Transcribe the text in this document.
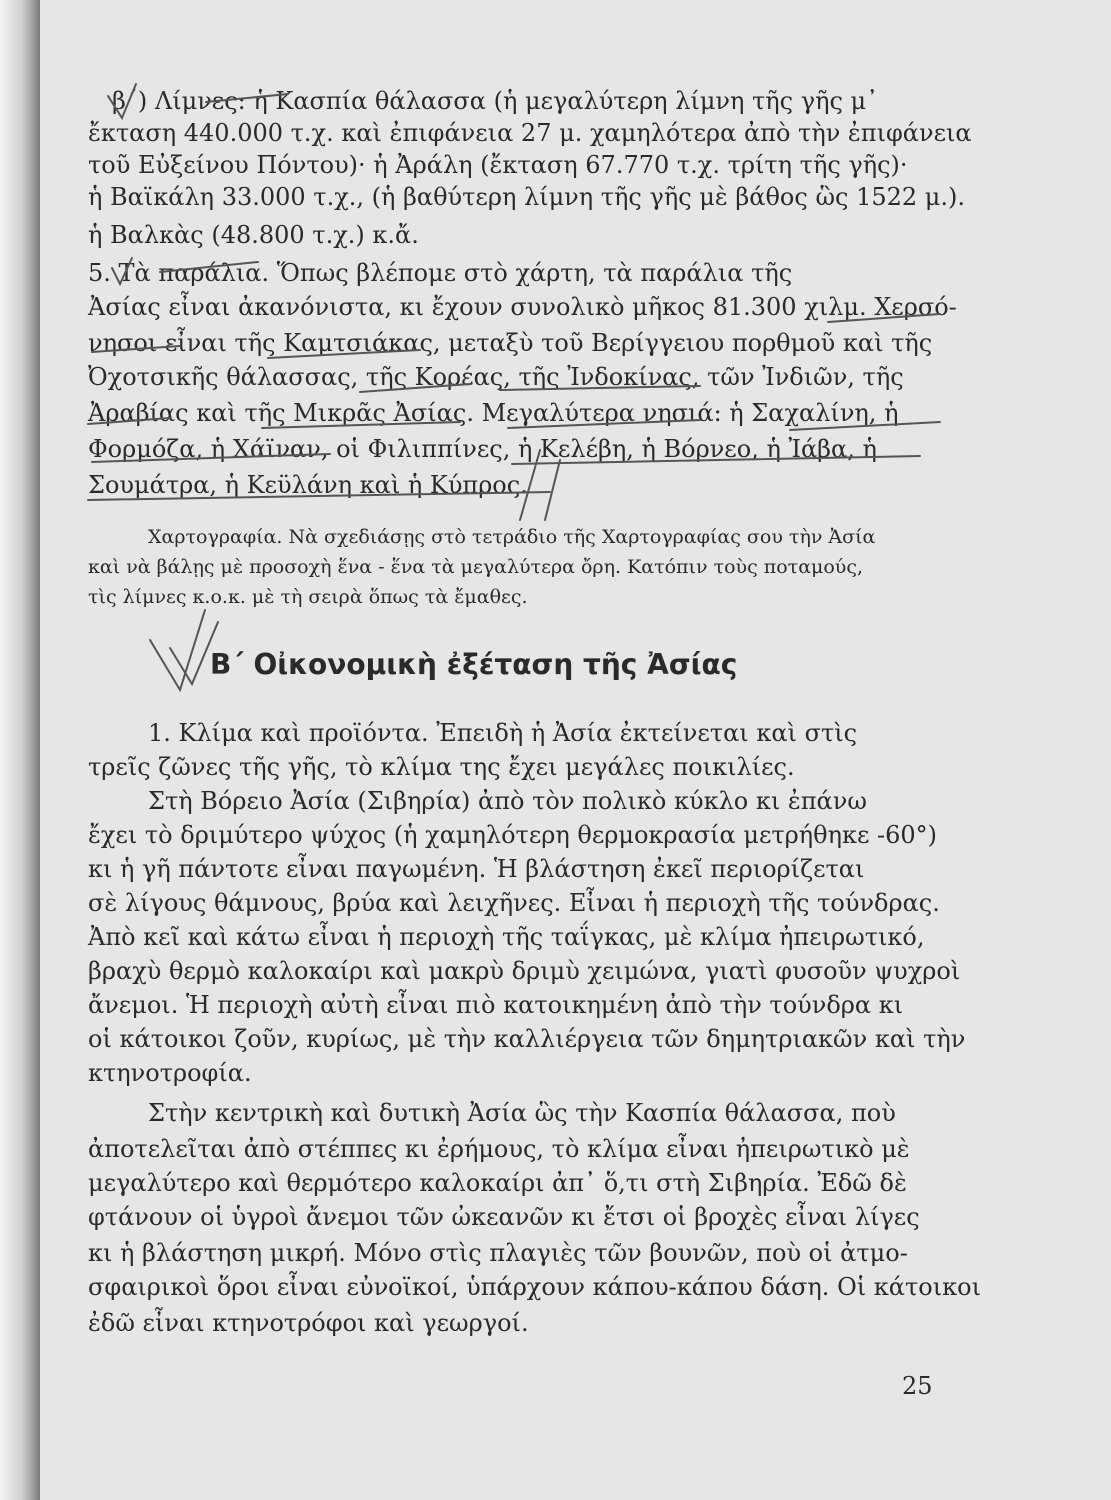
β΄) Λίμνες: ἡ Κασπία θάλασσα (ἡ μεγαλύτερη λίμνη τῆς γῆς μ᾽
ἔκταση 440.000 τ.χ. καὶ ἐπιφάνεια 27 μ. χαμηλότερα ἀπὸ τὴν ἐπιφάνεια
τοῦ Εὐξείνου Πόντου)· ἡ Ἀράλη (ἔκταση 67.770 τ.χ. τρίτη τῆς γῆς)·
ἡ Βαϊκάλη 33.000 τ.χ., (ἡ βαθύτερη λίμνη τῆς γῆς μὲ βάθος ὣς 1522 μ.).
ἡ Βαλκὰς (48.800 τ.χ.) κ.ἄ.
5. Τὰ παράλια. Ὅπως βλέπομε στὸ χάρτη, τὰ παράλια τῆς
Ἀσίας εἶναι ἀκανόνιστα, κι ἔχουν συνολικὸ μῆκος 81.300 χιλμ. Χερσό-
νησοι εἶναι τῆς Καμτσιάκας, μεταξὺ τοῦ Βερίγγειου πορθμοῦ καὶ τῆς
Ὀχοτσικῆς θάλασσας, τῆς Κορέας, τῆς Ἰνδοκίνας, τῶν Ἰνδιῶν, τῆς
Ἀραβίας καὶ τῆς Μικρᾶς Ἀσίας. Μεγαλύτερα νησιά: ἡ Σαχαλίνη, ἡ
Φορμόζα, ἡ Χάϊναν, οἱ Φιλιππίνες, ἡ Κελέβη, ἡ Βόρνεο, ἡ Ἰάβα, ἡ
Σουμάτρα, ἡ Κεϋλάνη καὶ ἡ Κύπρος.
Χαρτογραφία. Νὰ σχεδιάσῃς στὸ τετράδιο τῆς Χαρτογραφίας σου τὴν Ἀσία
καὶ νὰ βάλῃς μὲ προσοχὴ ἕνα - ἕνα τὰ μεγαλύτερα ὄρη. Κατόπιν τοὺς ποταμούς,
τὶς λίμνες κ.ο.κ. μὲ τὴ σειρὰ ὅπως τὰ ἔμαθες.
Β΄ Οἰκονομικὴ ἐξέταση τῆς Ἀσίας
1. Κλίμα καὶ προϊόντα. Ἐπειδὴ ἡ Ἀσία ἐκτείνεται καὶ στὶς
τρεῖς ζῶνες τῆς γῆς, τὸ κλίμα της ἔχει μεγάλες ποικιλίες.
Στὴ Βόρειο Ἀσία (Σιβηρία) ἀπὸ τὸν πολικὸ κύκλο κι ἐπάνω
ἔχει τὸ δριμύτερο ψύχος (ἡ χαμηλότερη θερμοκρασία μετρήθηκε -60°)
κι ἡ γῆ πάντοτε εἶναι παγωμένη. Ἡ βλάστηση ἐκεῖ περιορίζεται
σὲ λίγους θάμνους, βρύα καὶ λειχῆνες. Εἶναι ἡ περιοχὴ τῆς τούνδρας.
Ἀπὸ κεῖ καὶ κάτω εἶναι ἡ περιοχὴ τῆς ταΐγκας, μὲ κλίμα ἠπειρωτικό,
βραχὺ θερμὸ καλοκαίρι καὶ μακρὺ δριμὺ χειμώνα, γιατὶ φυσοῦν ψυχροὶ
ἄνεμοι. Ἡ περιοχὴ αὐτὴ εἶναι πιὸ κατοικημένη ἀπὸ τὴν τούνδρα κι
οἱ κάτοικοι ζοῦν, κυρίως, μὲ τὴν καλλιέργεια τῶν δημητριακῶν καὶ τὴν
κτηνοτροφία.
Στὴν κεντρικὴ καὶ δυτικὴ Ἀσία ὣς τὴν Κασπία θάλασσα, ποὺ
ἀποτελεῖται ἀπὸ στέππες κι ἐρήμους, τὸ κλίμα εἶναι ἠπειρωτικὸ μὲ
μεγαλύτερο καὶ θερμότερο καλοκαίρι ἀπ᾽ ὅ,τι στὴ Σιβηρία. Ἐδῶ δὲ
φτάνουν οἱ ὑγροὶ ἄνεμοι τῶν ὠκεανῶν κι ἔτσι οἱ βροχὲς εἶναι λίγες
κι ἡ βλάστηση μικρή. Μόνο στὶς πλαγιὲς τῶν βουνῶν, ποὺ οἱ ἀτμο-
σφαιρικοὶ ὅροι εἶναι εὐνοϊκοί, ὑπάρχουν κάπου-κάπου δάση. Οἱ κάτοικοι
ἐδῶ εἶναι κτηνοτρόφοι καὶ γεωργοί.
25
